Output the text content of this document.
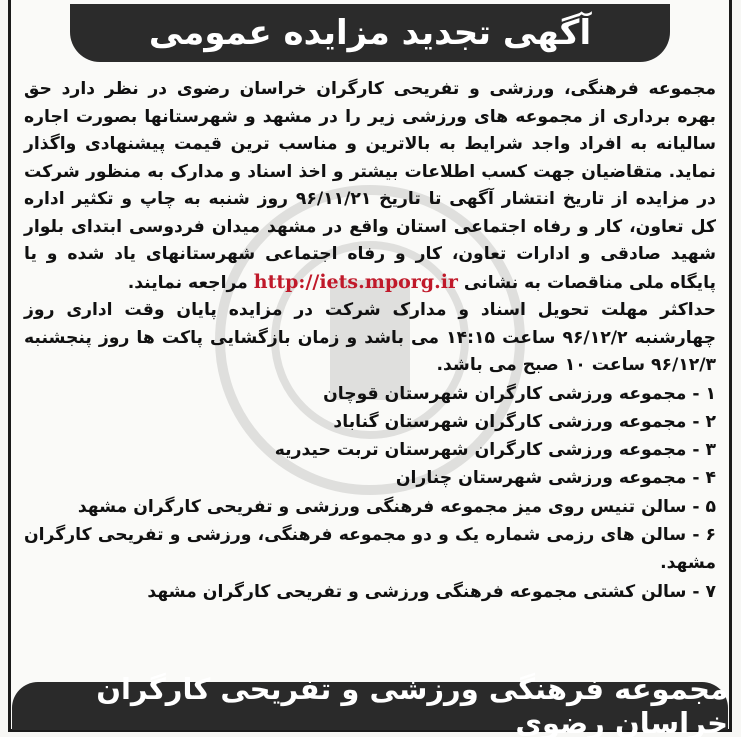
آگهی تجدید مزایده عمومی

مجموعه فرهنگی، ورزشی و تفریحی کارگران خراسان رضوی در نظر دارد حق بهره برداری از مجموعه های ورزشی زیر را در مشهد و شهرستانها بصورت اجاره سالیانه به افراد واجد شرایط به بالاترین و مناسب ترین قیمت پیشنهادی واگذار نماید. متقاضیان جهت کسب اطلاعات بیشتر و اخذ اسناد و مدارک به منظور شرکت در مزایده از تاریخ انتشار آگهی تا تاریخ ۹۶/۱۱/۲۱ روز شنبه به چاپ و تکثیر اداره کل تعاون، کار و رفاه اجتماعی استان واقع در مشهد میدان فردوسی ابتدای بلوار شهید صادقی و ادارات تعاون، کار و رفاه اجتماعی شهرستانهای یاد شده و یا پایگاه ملی مناقصات به نشانی http://iets.mporg.ir مراجعه نمایند.

حداکثر مهلت تحویل اسناد و مدارک شرکت در مزایده پایان وقت اداری روز چهارشنبه ۹۶/۱۲/۲ ساعت ۱۴:۱۵ می باشد و زمان بازگشایی پاکت ها روز پنجشنبه ۹۶/۱۲/۳ ساعت ۱۰ صبح می باشد.

۱ - مجموعه ورزشی کارگران شهرستان قوچان
۲ - مجموعه ورزشی کارگران شهرستان گناباد
۳ - مجموعه ورزشی کارگران شهرستان تربت حیدریه
۴ - مجموعه ورزشی شهرستان چناران
۵ - سالن تنیس روی میز مجموعه فرهنگی ورزشی و تفریحی کارگران مشهد
۶ - سالن های رزمی شماره یک و دو مجموعه فرهنگی، ورزشی و تفریحی کارگران مشهد.
۷ - سالن کشتی مجموعه فرهنگی ورزشی و تفریحی کارگران مشهد
مجموعه فرهنگی ورزشی و تفریحی کارگران خراسان رضوی
